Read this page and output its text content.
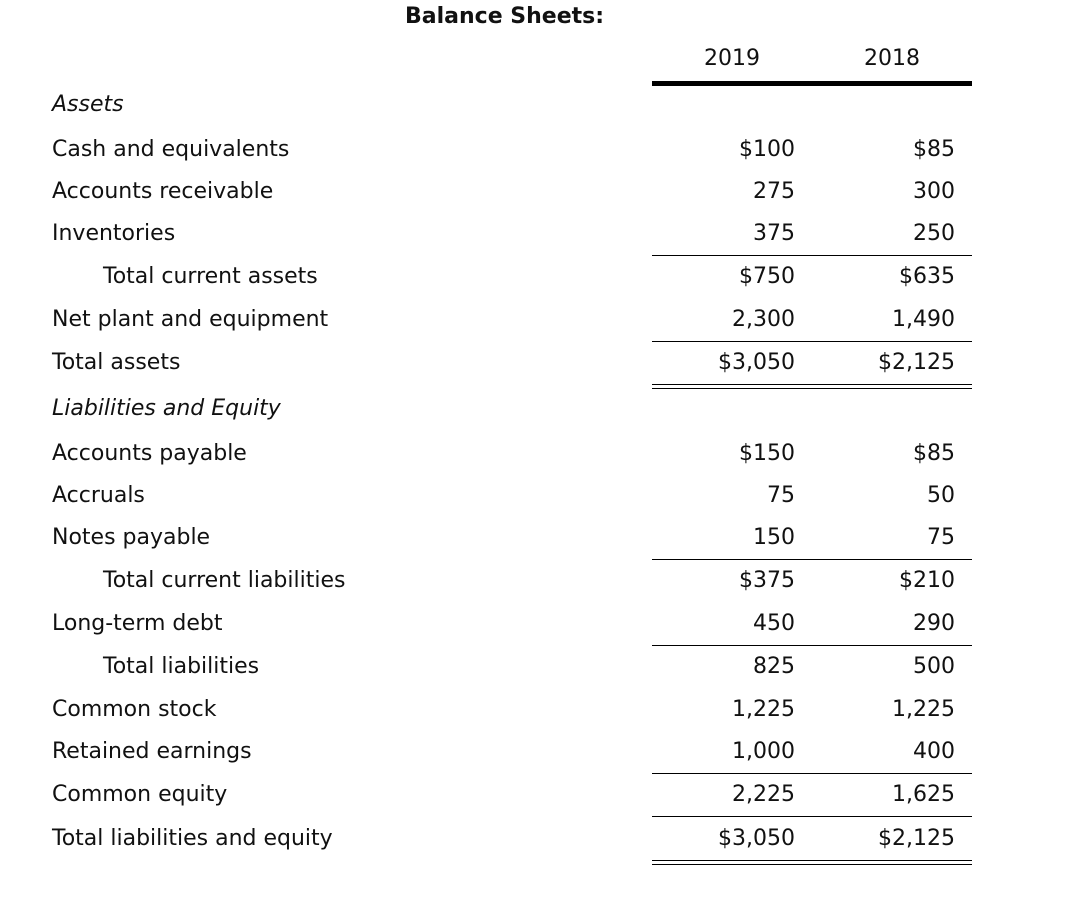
Balance Sheets:
2019	2018
Assets
Cash and equivalents	$100	$85
Accounts receivable	275	300
Inventories	375	250
Total current assets	$750	$635
Net plant and equipment	2,300	1,490
Total assets	$3,050	$2,125
Liabilities and Equity
Accounts payable	$150	$85
Accruals	75	50
Notes payable	150	75
Total current liabilities	$375	$210
Long-term debt	450	290
Total liabilities	825	500
Common stock	1,225	1,225
Retained earnings	1,000	400
Common equity	2,225	1,625
Total liabilities and equity	$3,050	$2,125
